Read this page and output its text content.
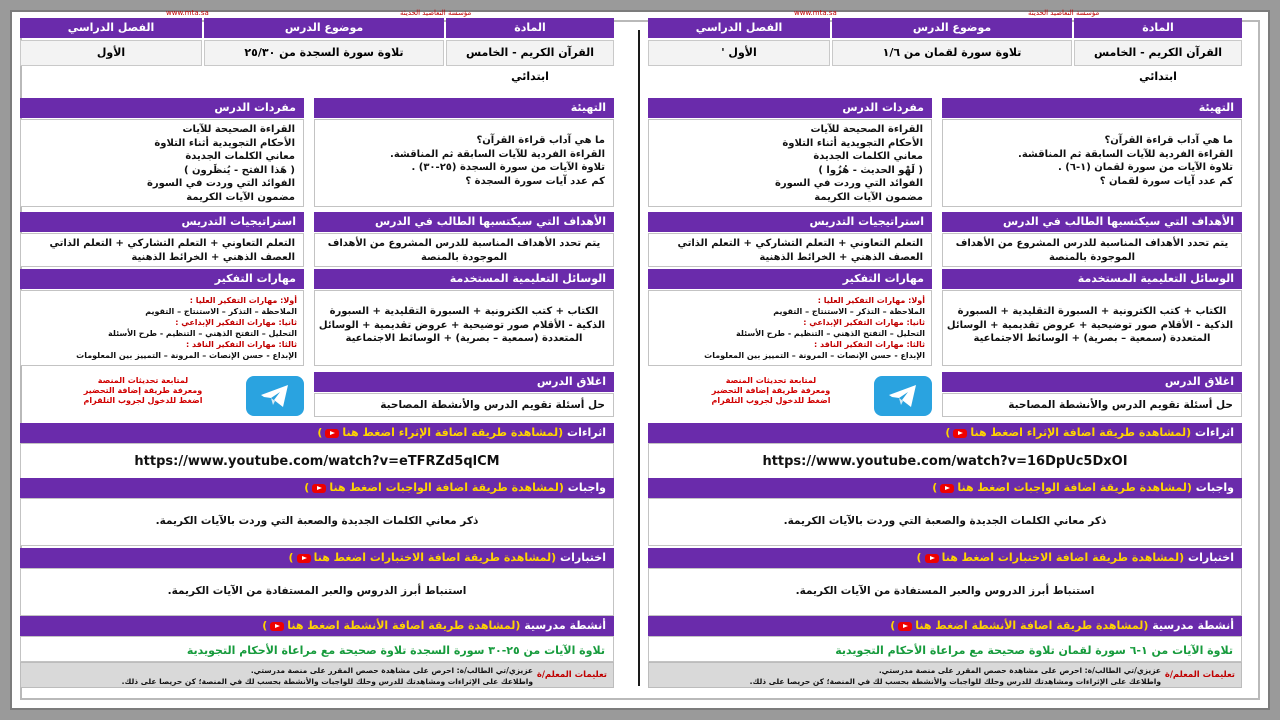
www.mta.sa	مؤسسة التعاضيد الحديثة
المادة
موضوع الدرس
الفصل الدراسي
القرآن الكريم - الخامس ابتدائي
تلاوة سورة لقمان من ١/٦
الأول '
التهيئة
ما هي آداب قراءة القرآن؟
القراءة الفردية للآيات السابقة ثم المناقشة.
تلاوة الآيات من سورة لقمان (١-٦) .
كم عدد آيات سورة لقمان ؟
مفردات الدرس
القراءة الصحيحة للآيات
الأحكام التجويدية أثناء التلاوة
معاني الكلمات الجديدة
( لَهْو الحديث - هُزُوا )
الفوائد التي وردت في السورة
مضمون الآيات الكريمة
الأهداف التي سيكتسبها الطالب في الدرس
يتم تحدد الأهداف المناسبة للدرس المشروع من الأهداف
الموجودة بالمنصة
استراتيجيات التدريس
التعلم التعاوني + التعلم التشاركي + التعلم الذاتي
العصف الذهني + الخرائط الذهنية
الوسائل التعليمية المستخدمة
الكتاب + كتب الكترونية + السبورة التقليدية + السبورة
الذكية - الأقلام صور توضيحية + عروض تقديمية + الوسائل
المتعددة (سمعية – بصرية) + الوسائط الاجتماعية
مهارات التفكير
أولا: مهارات التفكير العليا :
الملاحظة – التذكر – الاستنتاج – التقويم
ثانيا: مهارات التفكير الإبداعي :
التحليل – التفتح الذهني – التنظيم - طرح الأسئلة
ثالثا: مهارات التفكير الناقد :
الإبداع - حسن الإنصات – المرونة – التمييز بين المعلومات
اغلاق الدرس
حل أسئلة تقويم الدرس والأنشطة المصاحبة
لمتابعة تحديثات المنصة
ومعرفة طريقة إضافة التحضير
اضغط للدخول لجروب التلقرام
اثراءات (لمشاهدة طريقة اضافة الإثراء اضغط هنا)
https://www.youtube.com/watch?v=16DpUc5DxOI
واجبات (لمشاهدة طريقة اضافة الواجبات اضغط هنا)
ذكر معاني الكلمات الجديدة والصعبة التي وردت بالآيات الكريمة.
اختبارات (لمشاهدة طريقة اضافة الاختبارات اضغط هنا)
استنباط أبرز الدروس والعبر المستفادة من الآيات الكريمة.
أنشطة مدرسية (لمشاهدة طريقة اضافة الأنشطة اضغط هنا)
تلاوة الآيات من ١-٦ سورة لقمان تلاوة صحيحة مع مراعاة الأحكام التجويدية
تعليمات المعلم/ة
عزيزي/تي الطالب/ة: احرص على مشاهدة حصص المقرر على منصة مدرستي.
واطلاعك على الإثراءات ومشاهدتك للدرس وحلك للواجبات والأنشطة بحسب لك في المنصة؛ كن حريصا على ذلك.
www.mta.sa	مؤسسة التعاضيد الحديثة
المادة
موضوع الدرس
الفصل الدراسي
القرآن الكريم - الخامس ابتدائي
تلاوة سورة السجدة من ٢٥/٣٠
الأول
التهيئة
ما هي آداب قراءة القرآن؟
القراءة الفردية للآيات السابقة ثم المناقشة.
تلاوة الآيات من سورة السجدة (٢٥-٣٠) .
كم عدد آيات سورة السجدة ؟
مفردات الدرس
القراءة الصحيحة للآيات
الأحكام التجويدية أثناء التلاوة
معاني الكلمات الجديدة
( هَذا الفتح - يُنظَرون )
الفوائد التي وردت في السورة
مضمون الآيات الكريمة
الأهداف التي سيكتسبها الطالب في الدرس
يتم تحدد الأهداف المناسبة للدرس المشروع من الأهداف
الموجودة بالمنصة
استراتيجيات التدريس
التعلم التعاوني + التعلم التشاركي + التعلم الذاتي
العصف الذهني + الخرائط الذهنية
الوسائل التعليمية المستخدمة
الكتاب + كتب الكترونية + السبورة التقليدية + السبورة
الذكية - الأقلام صور توضيحية + عروض تقديمية + الوسائل
المتعددة (سمعية – بصرية) + الوسائط الاجتماعية
مهارات التفكير
أولا: مهارات التفكير العليا :
الملاحظة – التذكر – الاستنتاج – التقويم
ثانيا: مهارات التفكير الإبداعي :
التحليل – التفتح الذهني – التنظيم - طرح الأسئلة
ثالثا: مهارات التفكير الناقد :
الإبداع - حسن الإنصات – المرونة – التمييز بين المعلومات
اغلاق الدرس
حل أسئلة تقويم الدرس والأنشطة المصاحبة
لمتابعة تحديثات المنصة
ومعرفة طريقة إضافة التحضير
اضغط للدخول لجروب التلقرام
اثراءات (لمشاهدة طريقة اضافة الإثراء اضغط هنا)
https://www.youtube.com/watch?v=eTFRZd5qlCM
واجبات (لمشاهدة طريقة اضافة الواجبات اضغط هنا)
ذكر معاني الكلمات الجديدة والصعبة التي وردت بالآيات الكريمة.
اختبارات (لمشاهدة طريقة اضافة الاختبارات اضغط هنا)
استنباط أبرز الدروس والعبر المستفادة من الآيات الكريمة.
أنشطة مدرسية (لمشاهدة طريقة اضافة الأنشطة اضغط هنا)
تلاوة الآيات من ٢٥-٣٠ سورة السجدة تلاوة صحيحة مع مراعاة الأحكام التجويدية
تعليمات المعلم/ة
عزيزي/تي الطالب/ة: احرص على مشاهدة حصص المقرر على منصة مدرستي.
واطلاعك على الإثراءات ومشاهدتك للدرس وحلك للواجبات والأنشطة بحسب لك في المنصة؛ كن حريصا على ذلك.
